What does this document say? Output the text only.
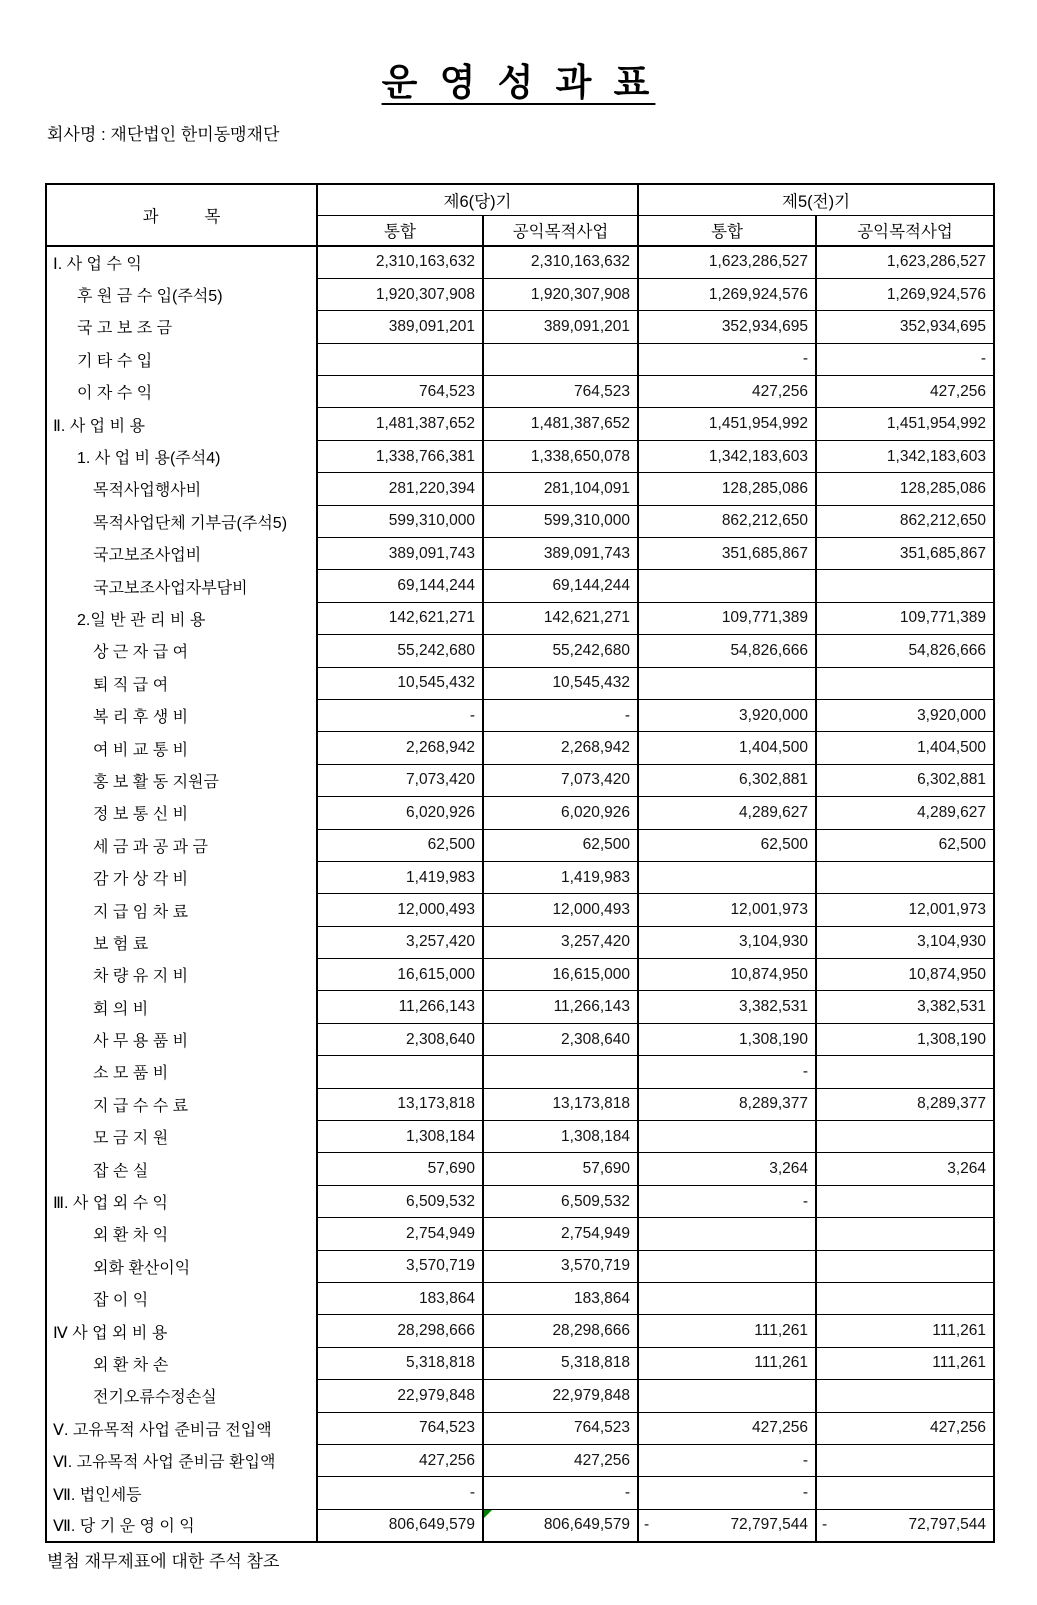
운 영 성 과 표
회사명 : 재단법인 한미동맹재단
과          목	제6(당)기		제5(전)기	
	통합	공익목적사업	통합	공익목적사업
Ⅰ. 사 업 수 익	2,310,163,632	2,310,163,632	1,623,286,527	1,623,286,527
후 원 금 수 입(주석5)	1,920,307,908	1,920,307,908	1,269,924,576	1,269,924,576
국 고 보 조 금	389,091,201	389,091,201	352,934,695	352,934,695
기 타 수 입			-	-
이 자 수 익	764,523	764,523	427,256	427,256
Ⅱ. 사 업 비 용	1,481,387,652	1,481,387,652	1,451,954,992	1,451,954,992
1. 사 업 비 용(주석4)	1,338,766,381	1,338,650,078	1,342,183,603	1,342,183,603
목적사업행사비	281,220,394	281,104,091	128,285,086	128,285,086
목적사업단체 기부금(주석5)	599,310,000	599,310,000	862,212,650	862,212,650
국고보조사업비	389,091,743	389,091,743	351,685,867	351,685,867
국고보조사업자부담비	69,144,244	69,144,244		
2.일 반 관 리 비 용	142,621,271	142,621,271	109,771,389	109,771,389
상 근 자 급 여	55,242,680	55,242,680	54,826,666	54,826,666
퇴 직 급 여	10,545,432	10,545,432		
복 리 후 생 비	-	-	3,920,000	3,920,000
여 비 교 통 비	2,268,942	2,268,942	1,404,500	1,404,500
홍 보 활 동 지원금	7,073,420	7,073,420	6,302,881	6,302,881
정 보 통 신 비	6,020,926	6,020,926	4,289,627	4,289,627
세 금 과 공 과 금	62,500	62,500	62,500	62,500
감 가 상 각 비	1,419,983	1,419,983		
지 급 임 차 료	12,000,493	12,000,493	12,001,973	12,001,973
보 험 료	3,257,420	3,257,420	3,104,930	3,104,930
차 량 유 지 비	16,615,000	16,615,000	10,874,950	10,874,950
회 의 비	11,266,143	11,266,143	3,382,531	3,382,531
사 무 용 품 비	2,308,640	2,308,640	1,308,190	1,308,190
소 모 품 비			-	
지 급 수 수 료	13,173,818	13,173,818	8,289,377	8,289,377
모 금 지 원	1,308,184	1,308,184		
잡 손 실	57,690	57,690	3,264	3,264
Ⅲ. 사 업 외 수 익	6,509,532	6,509,532	-	
외 환 차 익	2,754,949	2,754,949		
외화 환산이익	3,570,719	3,570,719		
잡 이 익	183,864	183,864		
Ⅳ 사 업 외 비 용	28,298,666	28,298,666	111,261	111,261
외 환 차 손	5,318,818	5,318,818	111,261	111,261
전기오류수정손실	22,979,848	22,979,848		
Ⅴ. 고유목적 사업 준비금 전입액	764,523	764,523	427,256	427,256
Ⅵ. 고유목적 사업 준비금 환입액	427,256	427,256	-	
Ⅶ. 법인세등	-	-	-	
Ⅶ. 당 기 운 영 이 익	806,649,579	806,649,579	- 72,797,544	- 72,797,544
별첨 재무제표에 대한 주석 참조
